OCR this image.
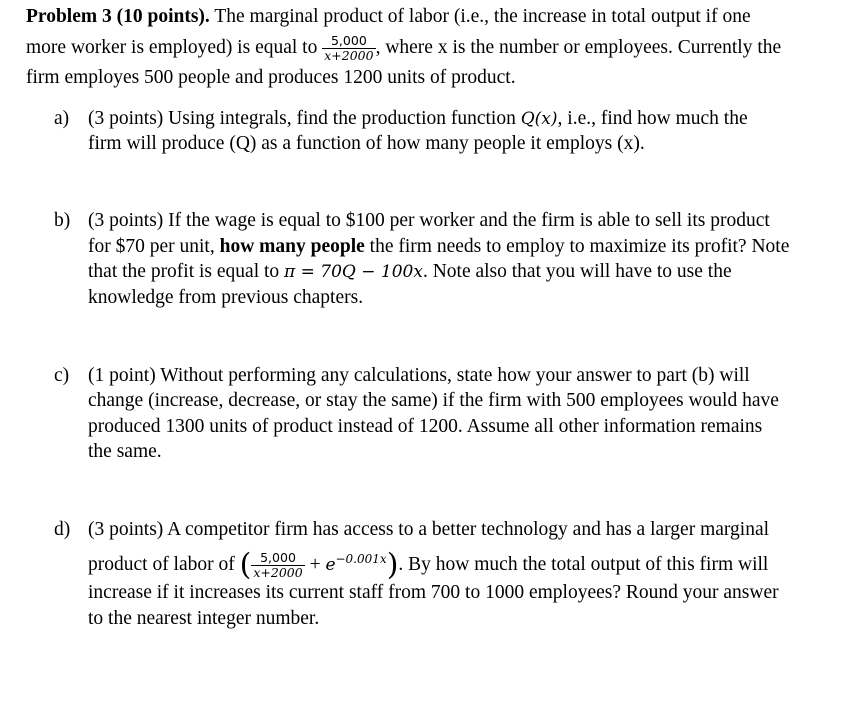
Problem 3 (10 points). The marginal product of labor (i.e., the increase in total output if one
more worker is employed) is equal to $\frac{5,000}{x+2000}$ , where x is the number or employees. Currently the
firm employes 500 people and produces 1200 units of product.
a) (3 points) Using integrals, find the production function Q(x), i.e., find how much the
firm will produce (Q) as a function of how many people it employs (x).
b) (3 points) If the wage is equal to $100 per worker and the firm is able to sell its product
for $70 per unit, how many people the firm needs to employ to maximize its profit? Note
that the profit is equal to π = 70Q − 100x. Note also that you will have to use the
knowledge from previous chapters.
c) (1 point) Without performing any calculations, state how your answer to part (b) will
change (increase, decrease, or stay the same) if the firm with 500 employees would have
produced 1300 units of product instead of 1200. Assume all other information remains
the same.
d) (3 points) A competitor firm has access to a better technology and has a larger marginal
product of labor of ( $\frac{5,000}{x+2000} + e^{-0.001x}$). By how much the total output of this firm will
increase if it increases its current staff from 700 to 1000 employees? Round your answer
to the nearest integer number.
